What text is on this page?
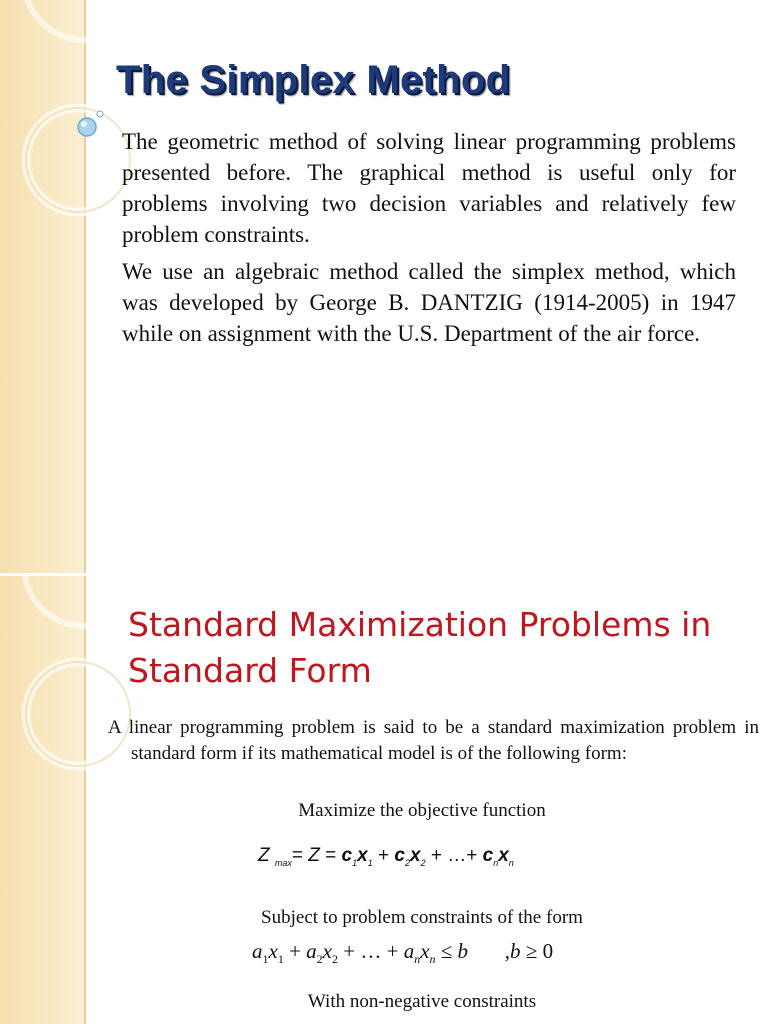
The Simplex Method

The geometric method of solving linear programming problems presented before. The graphical method is useful only for problems involving two decision variables and relatively few problem constraints.

We use an algebraic method called the simplex method, which was developed by George B. DANTZIG (1914-2005) in 1947 while on assignment with the U.S. Department of the air force.

Standard Maximization Problems in Standard Form

A linear programming problem is said to be a standard maximization problem in standard form if its mathematical model is of the following form:

Maximize the objective function

Z $_{max}= Z = c_1x_1 + c_2x_2$ + …+ $c_nx_n$

Subject to problem constraints of the form

$a_1x_1 + a_2x_2$ + … + $a_nx_n \le b$       ,b ≥ 0

With non-negative constraints
